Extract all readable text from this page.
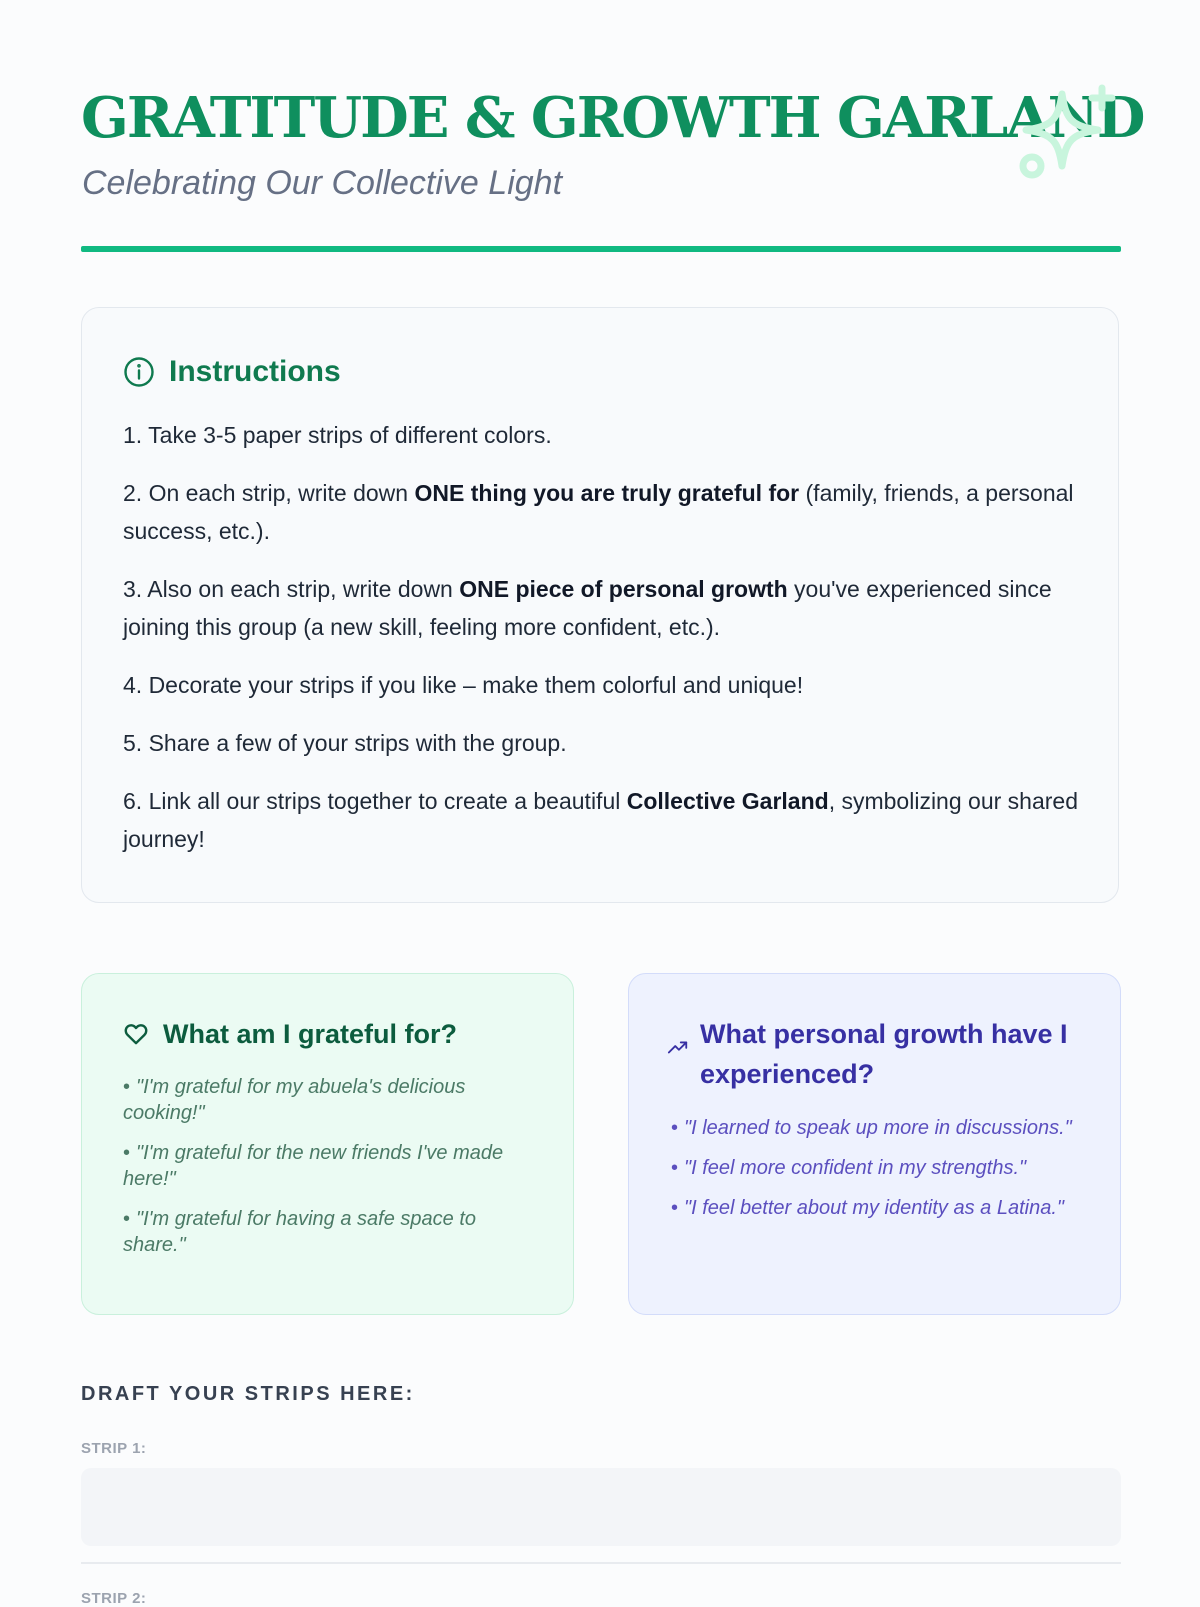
GRATITUDE & GROWTH GARLAND
Celebrating Our Collective Light
Instructions
1. Take 3-5 paper strips of different colors.
2. On each strip, write down ONE thing you are truly grateful for (family, friends, a personal success, etc.).
3. Also on each strip, write down ONE piece of personal growth you've experienced since joining this group (a new skill, feeling more confident, etc.).
4. Decorate your strips if you like – make them colorful and unique!
5. Share a few of your strips with the group.
6. Link all our strips together to create a beautiful Collective Garland, symbolizing our shared journey!
What am I grateful for?
• "I'm grateful for my abuela's delicious cooking!"
• "I'm grateful for the new friends I've made here!"
• "I'm grateful for having a safe space to share."
What personal growth have I experienced?
• "I learned to speak up more in discussions."
• "I feel more confident in my strengths."
• "I feel better about my identity as a Latina."
DRAFT YOUR STRIPS HERE:
STRIP 1:
STRIP 2:
